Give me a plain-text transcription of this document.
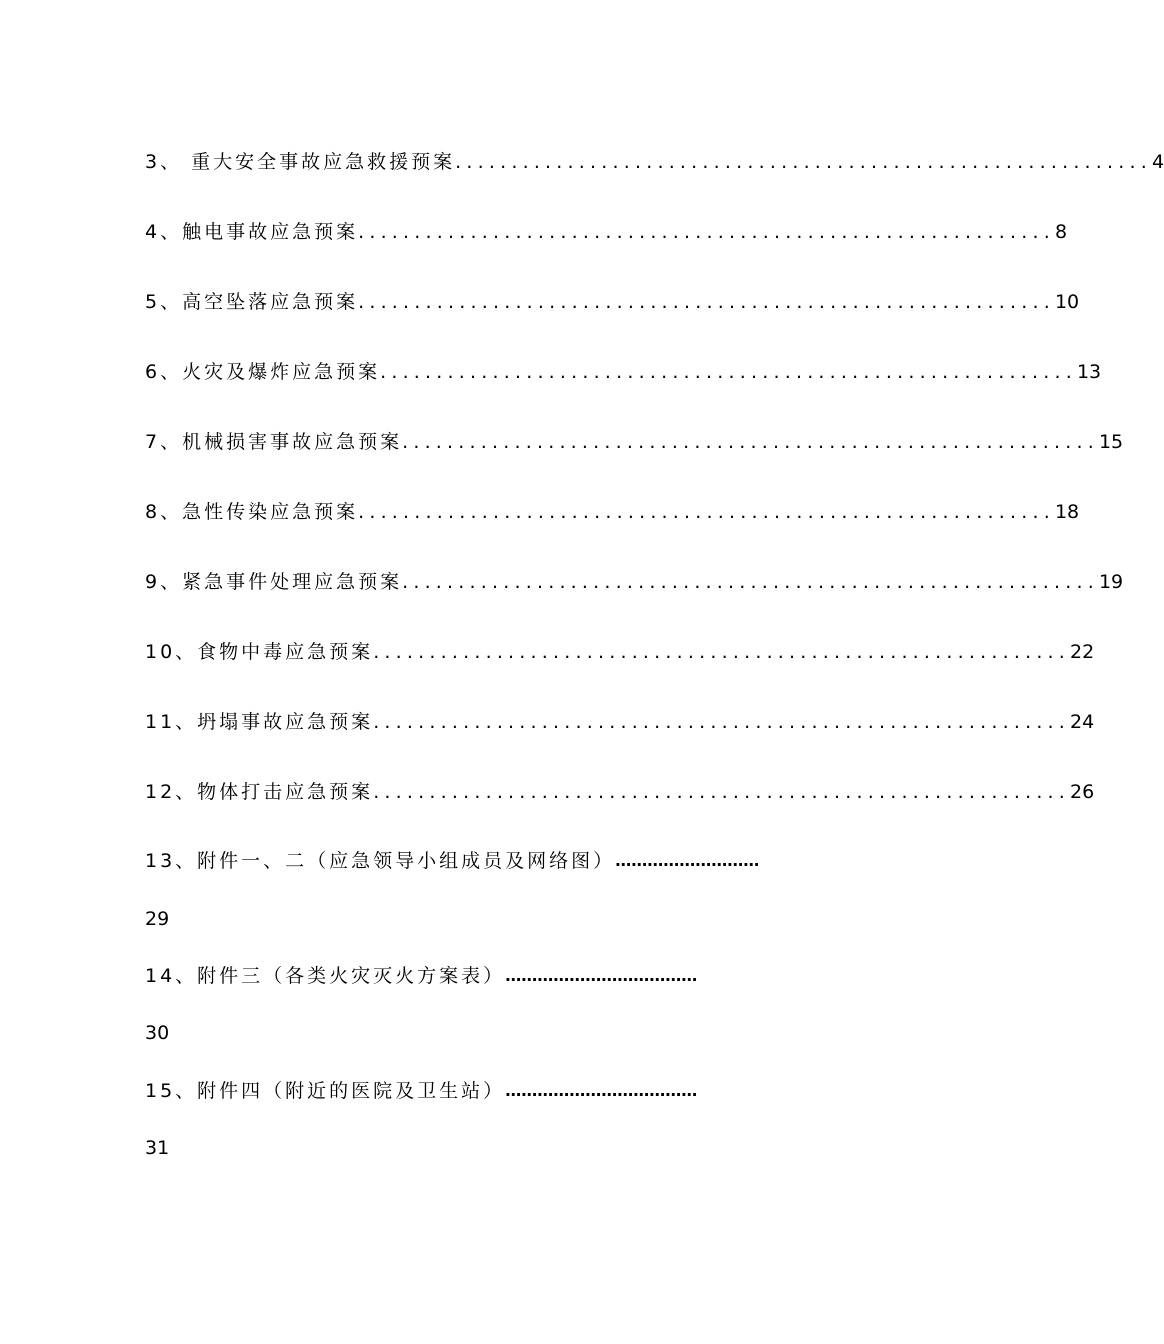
3、 重大安全事故应急救援预案 .............................................................. 4
4、触电事故应急预案 .............................................................. 8
5、高空坠落应急预案 .............................................................. 10
6、火灾及爆炸应急预案 .............................................................. 13
7、机械损害事故应急预案 .............................................................. 15
8、急性传染应急预案 .............................................................. 18
9、紧急事件处理应急预案 .............................................................. 19
10、食物中毒应急预案 .............................................................. 22
11、坍塌事故应急预案 .............................................................. 24
12、物体打击应急预案 .............................................................. 26
13、附件一、二（应急领导小组成员及网络图） ………………………
29
14、附件三（各类火灾灭火方案表） ………………………………
30
15、附件四（附近的医院及卫生站） ………………………………
31
